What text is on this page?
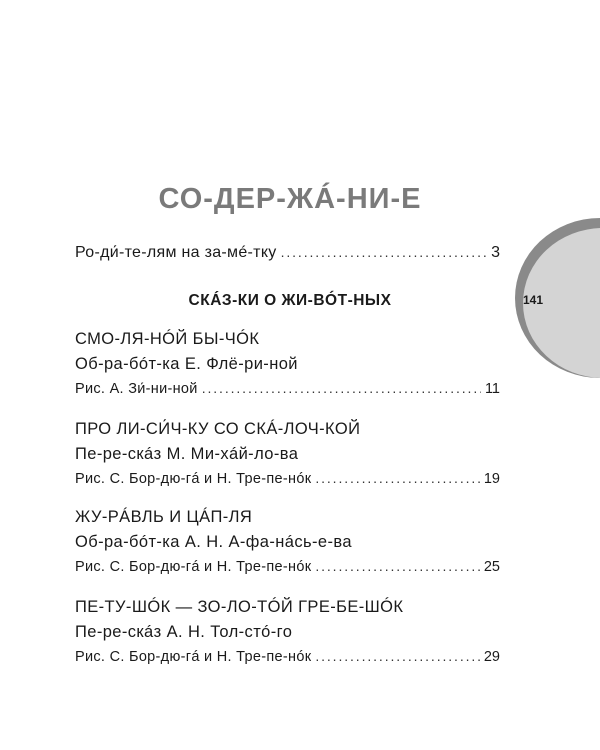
141
СО-ДЕР-ЖÁ-НИ-Е
Ро-ди́-те-лям на за-мé-тку . . .	3
СКÁЗ-КИ О ЖИ-ВÓТ-НЫХ
СМО-ЛЯ-НÓЙ БЫ-ЧÓК
Об-ра-бóт-ка Е. Флё-ри-ной
Рис. А. Зи́-ни-ной . . .	11
ПРО ЛИ-СИ́Ч-КУ СО СКÁ-ЛОЧ-КОЙ
Пе-ре-скáз М. Ми-хáй-ло-ва
Рис. С. Бор-дю-гá и Н. Тре-пе-нóк . . .	19
ЖУ-РÁВЛЬ И ЦÁП-ЛЯ
Об-ра-бóт-ка А. Н. А-фа-нáсь-е-ва
Рис. С. Бор-дю-гá и Н. Тре-пе-нóк . . .	25
ПЕ-ТУ-ШÓК — ЗО-ЛО-TÓЙ ГРЕ-БЕ-ШÓК
Пе-ре-скáз А. Н. Тол-стó-го
Рис. С. Бор-дю-гá и Н. Тре-пе-нóк . . .	29
